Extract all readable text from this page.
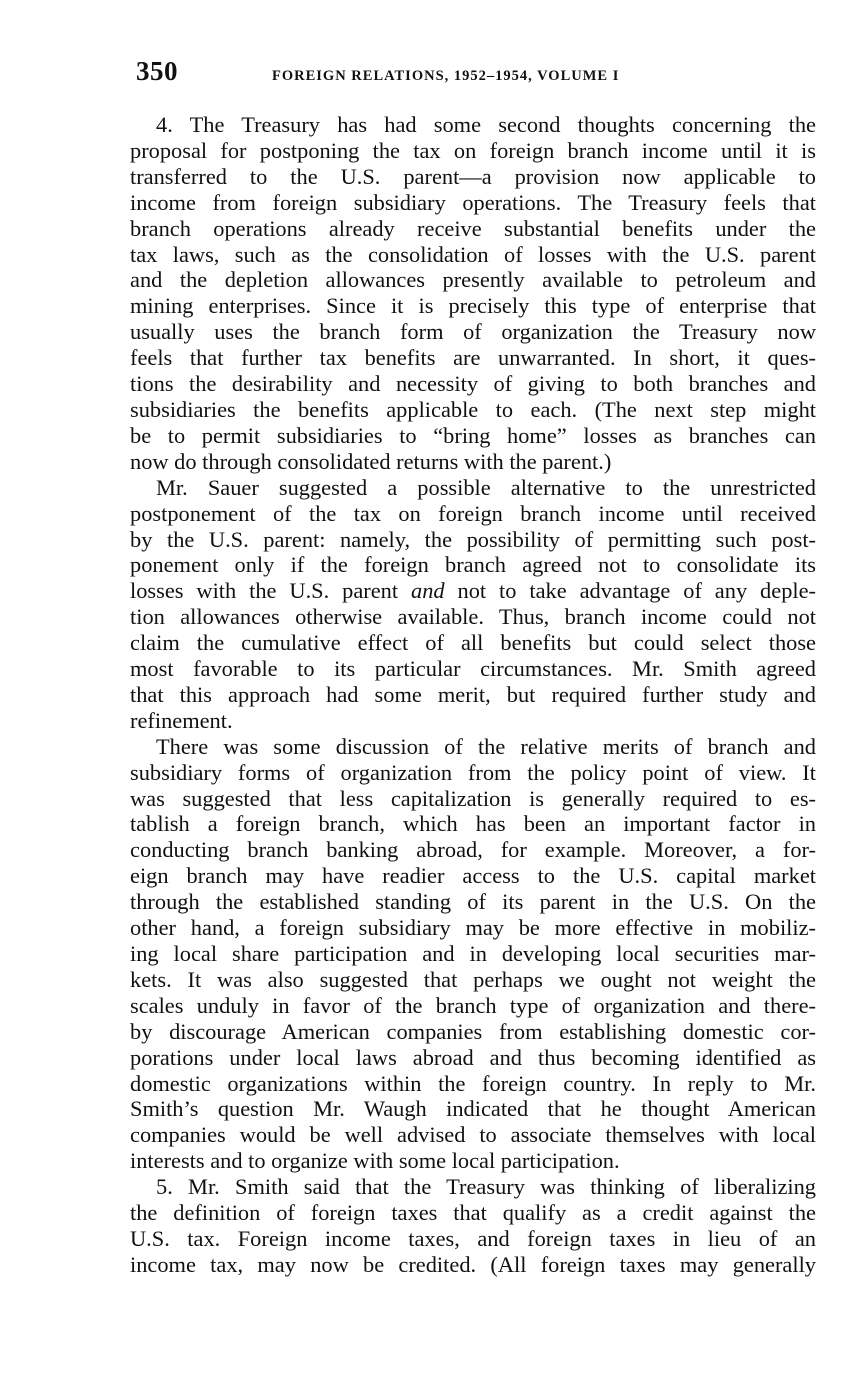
350	FOREIGN RELATIONS, 1952–1954, VOLUME I
4. The Treasury has had some second thoughts concerning the
proposal for postponing the tax on foreign branch income until it is
transferred to the U.S. parent—a provision now applicable to
income from foreign subsidiary operations. The Treasury feels that
branch operations already receive substantial benefits under the
tax laws, such as the consolidation of losses with the U.S. parent
and the depletion allowances presently available to petroleum and
mining enterprises. Since it is precisely this type of enterprise that
usually uses the branch form of organization the Treasury now
feels that further tax benefits are unwarranted. In short, it ques-
tions the desirability and necessity of giving to both branches and
subsidiaries the benefits applicable to each. (The next step might
be to permit subsidiaries to “bring home” losses as branches can
now do through consolidated returns with the parent.)
Mr. Sauer suggested a possible alternative to the unrestricted
postponement of the tax on foreign branch income until received
by the U.S. parent: namely, the possibility of permitting such post-
ponement only if the foreign branch agreed not to consolidate its
losses with the U.S. parent and not to take advantage of any deple-
tion allowances otherwise available. Thus, branch income could not
claim the cumulative effect of all benefits but could select those
most favorable to its particular circumstances. Mr. Smith agreed
that this approach had some merit, but required further study and
refinement.
There was some discussion of the relative merits of branch and
subsidiary forms of organization from the policy point of view. It
was suggested that less capitalization is generally required to es-
tablish a foreign branch, which has been an important factor in
conducting branch banking abroad, for example. Moreover, a for-
eign branch may have readier access to the U.S. capital market
through the established standing of its parent in the U.S. On the
other hand, a foreign subsidiary may be more effective in mobiliz-
ing local share participation and in developing local securities mar-
kets. It was also suggested that perhaps we ought not weight the
scales unduly in favor of the branch type of organization and there-
by discourage American companies from establishing domestic cor-
porations under local laws abroad and thus becoming identified as
domestic organizations within the foreign country. In reply to Mr.
Smith’s question Mr. Waugh indicated that he thought American
companies would be well advised to associate themselves with local
interests and to organize with some local participation.
5. Mr. Smith said that the Treasury was thinking of liberalizing
the definition of foreign taxes that qualify as a credit against the
U.S. tax. Foreign income taxes, and foreign taxes in lieu of an
income tax, may now be credited. (All foreign taxes may generally
